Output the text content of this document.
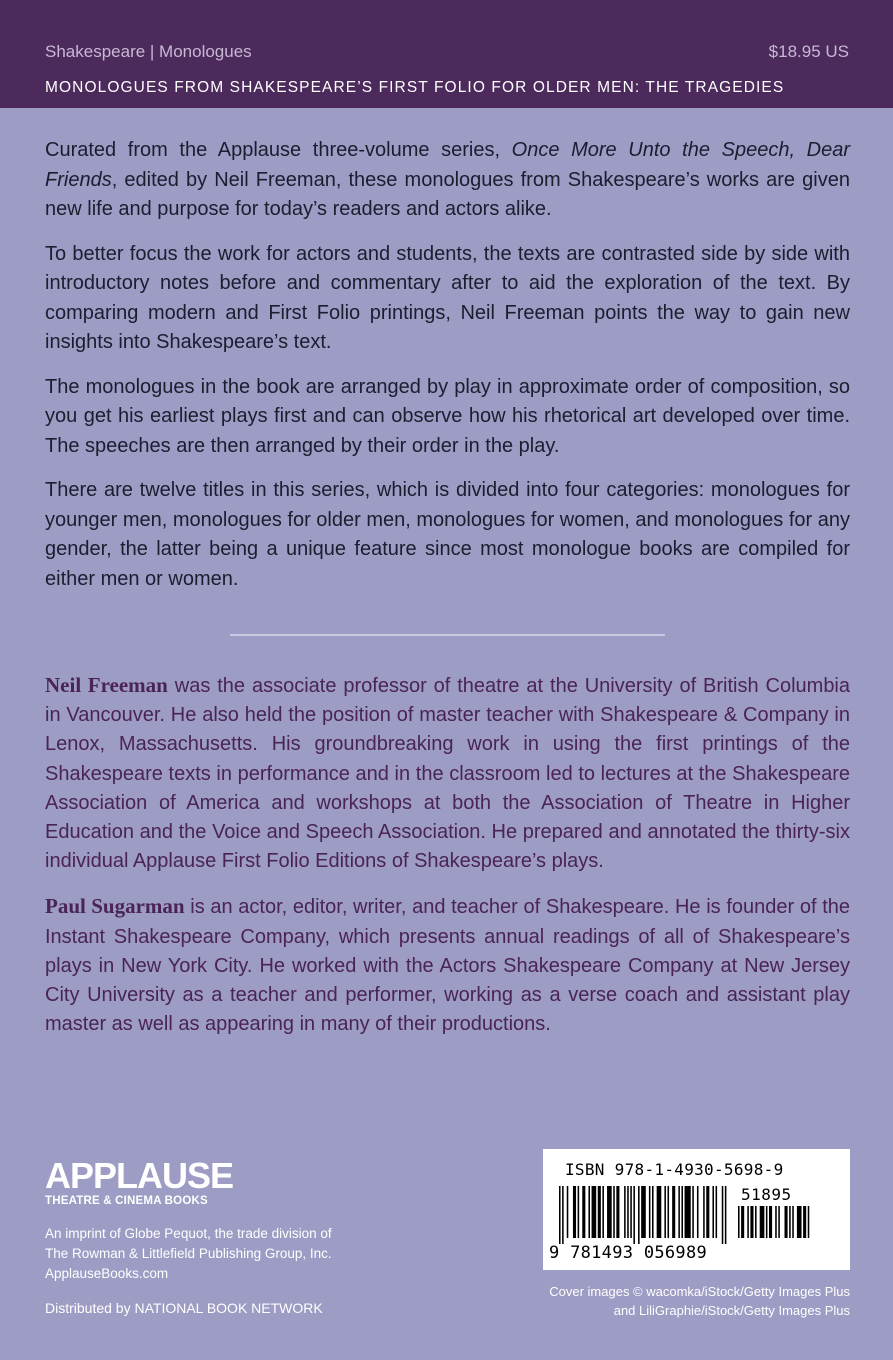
Shakespeare | Monologues	$18.95 US
MONOLOGUES FROM SHAKESPEARE’S FIRST FOLIO FOR OLDER MEN: THE TRAGEDIES

Curated from the Applause three-volume series, Once More Unto the Speech, Dear Friends, edited by Neil Freeman, these monologues from Shakespeare’s works are given new life and purpose for today’s readers and actors alike.

To better focus the work for actors and students, the texts are contrasted side by side with introductory notes before and commentary after to aid the exploration of the text. By comparing modern and First Folio printings, Neil Freeman points the way to gain new insights into Shakespeare’s text.

The monologues in the book are arranged by play in approximate order of composition, so you get his earliest plays first and can observe how his rhetorical art developed over time. The speeches are then arranged by their order in the play.

There are twelve titles in this series, which is divided into four categories: monologues for younger men, monologues for older men, monologues for women, and monologues for any gender, the latter being a unique feature since most monologue books are compiled for either men or women.

Neil Freeman was the associate professor of theatre at the University of British Columbia in Vancouver. He also held the position of master teacher with Shakespeare & Company in Lenox, Massachusetts. His groundbreaking work in using the first printings of the Shakespeare texts in performance and in the classroom led to lectures at the Shakespeare Association of America and workshops at both the Association of Theatre in Higher Education and the Voice and Speech Association. He prepared and annotated the thirty-six individual Applause First Folio Editions of Shakespeare’s plays.

Paul Sugarman is an actor, editor, writer, and teacher of Shakespeare. He is founder of the Instant Shakespeare Company, which presents annual readings of all of Shakespeare’s plays in New York City. He worked with the Actors Shakespeare Company at New Jersey City University as a teacher and performer, working as a verse coach and assistant play master as well as appearing in many of their productions.

APPLAUSE
THEATRE & CINEMA BOOKS
An imprint of Globe Pequot, the trade division of
The Rowman & Littlefield Publishing Group, Inc.
ApplauseBooks.com
Distributed by NATIONAL BOOK NETWORK
ISBN 978-1-4930-5698-9
51895
9 781493 056989
Cover images © wacomka/iStock/Getty Images Plus
and LiliGraphie/iStock/Getty Images Plus
